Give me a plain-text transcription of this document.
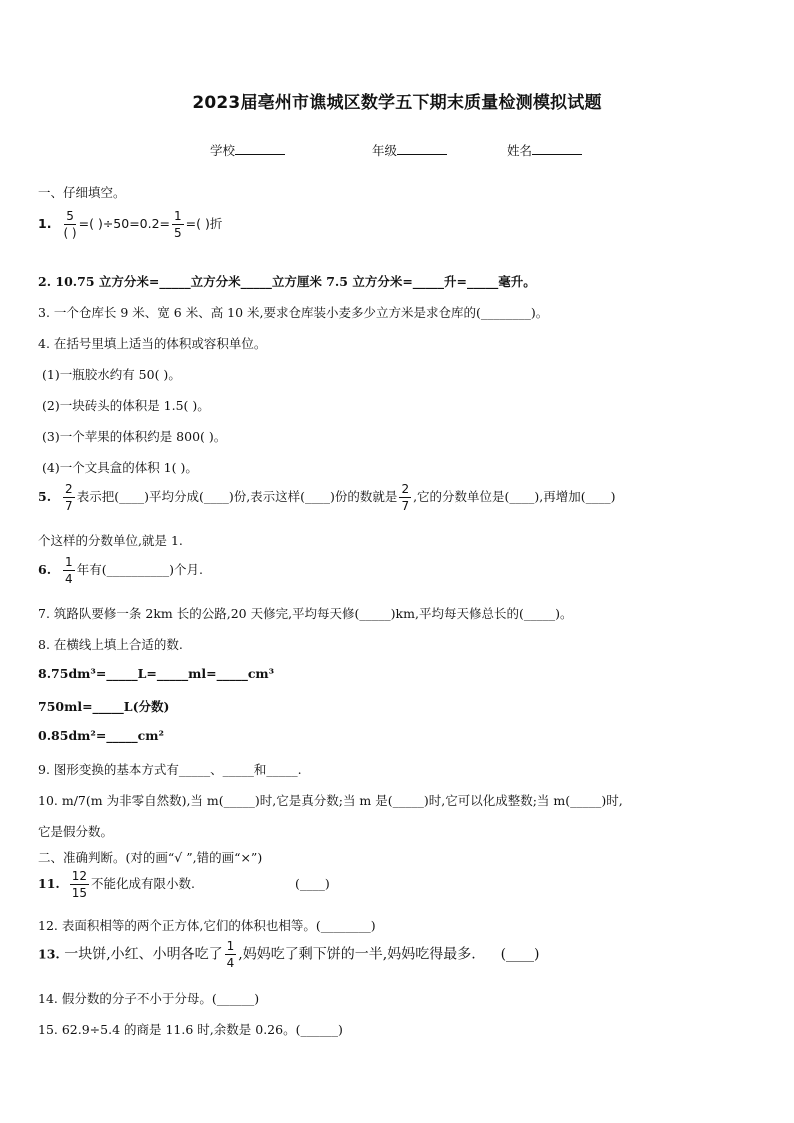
2023届亳州市谯城区数学五下期末质量检测模拟试题
学校	年级	姓名
一、仔细填空。
1. $\frac{5}{( )}$ =( )$\div 50=0.2= \frac{1}{5}$ =( )折
2. 10.75 立方分米=_____立方分米_____立方厘米 7.5 立方分米=_____升=_____毫升。
3. 一个仓库长 9 米、宽 6 米、高 10 米,要求仓库装小麦多少立方米是求仓库的(________)。
4. 在括号里填上适当的体积或容积单位。
(1)一瓶胶水约有 50( )。
(2)一块砖头的体积是 1.5( )。
(3)一个苹果的体积约是 800( )。
(4)一个文具盒的体积 1( )。
5. $\frac{2}{7}$ 表示把(____)平均分成(____)份,表示这样(____)份的数就是 $\frac{2}{7}$ ,它的分数单位是(____),再增加(____)
个这样的分数单位,就是 1.
6. $\frac{1}{4}$ 年有(__________)个月.
7. 筑路队要修一条 2km 长的公路,20 天修完,平均每天修(_____)km,平均每天修总长的(_____)。
8. 在横线上填上合适的数.
8.75dm³=_____L=_____ml=_____cm³
750ml=_____L(分数)
0.85dm²=_____cm²
9. 图形变换的基本方式有_____、_____和_____.
10. m/7(m 为非零自然数),当 m(_____)时,它是真分数;当 m 是(_____)时,它可以化成整数;当 m(_____)时,
它是假分数。
二、准确判断。(对的画“√ ”,错的画“×”)
11. $\frac{12}{15}$ 不能化成有限小数.	(____)
12. 表面积相等的两个正方体,它们的体积也相等。(________)
13. 一块饼,小红、小明各吃了 $\frac{1}{4}$ ,妈妈吃了剩下饼的一半,妈妈吃得最多. (____)
14. 假分数的分子不小于分母。(______)
15. 62.9÷5.4 的商是 11.6 时,余数是 0.26。(______)
